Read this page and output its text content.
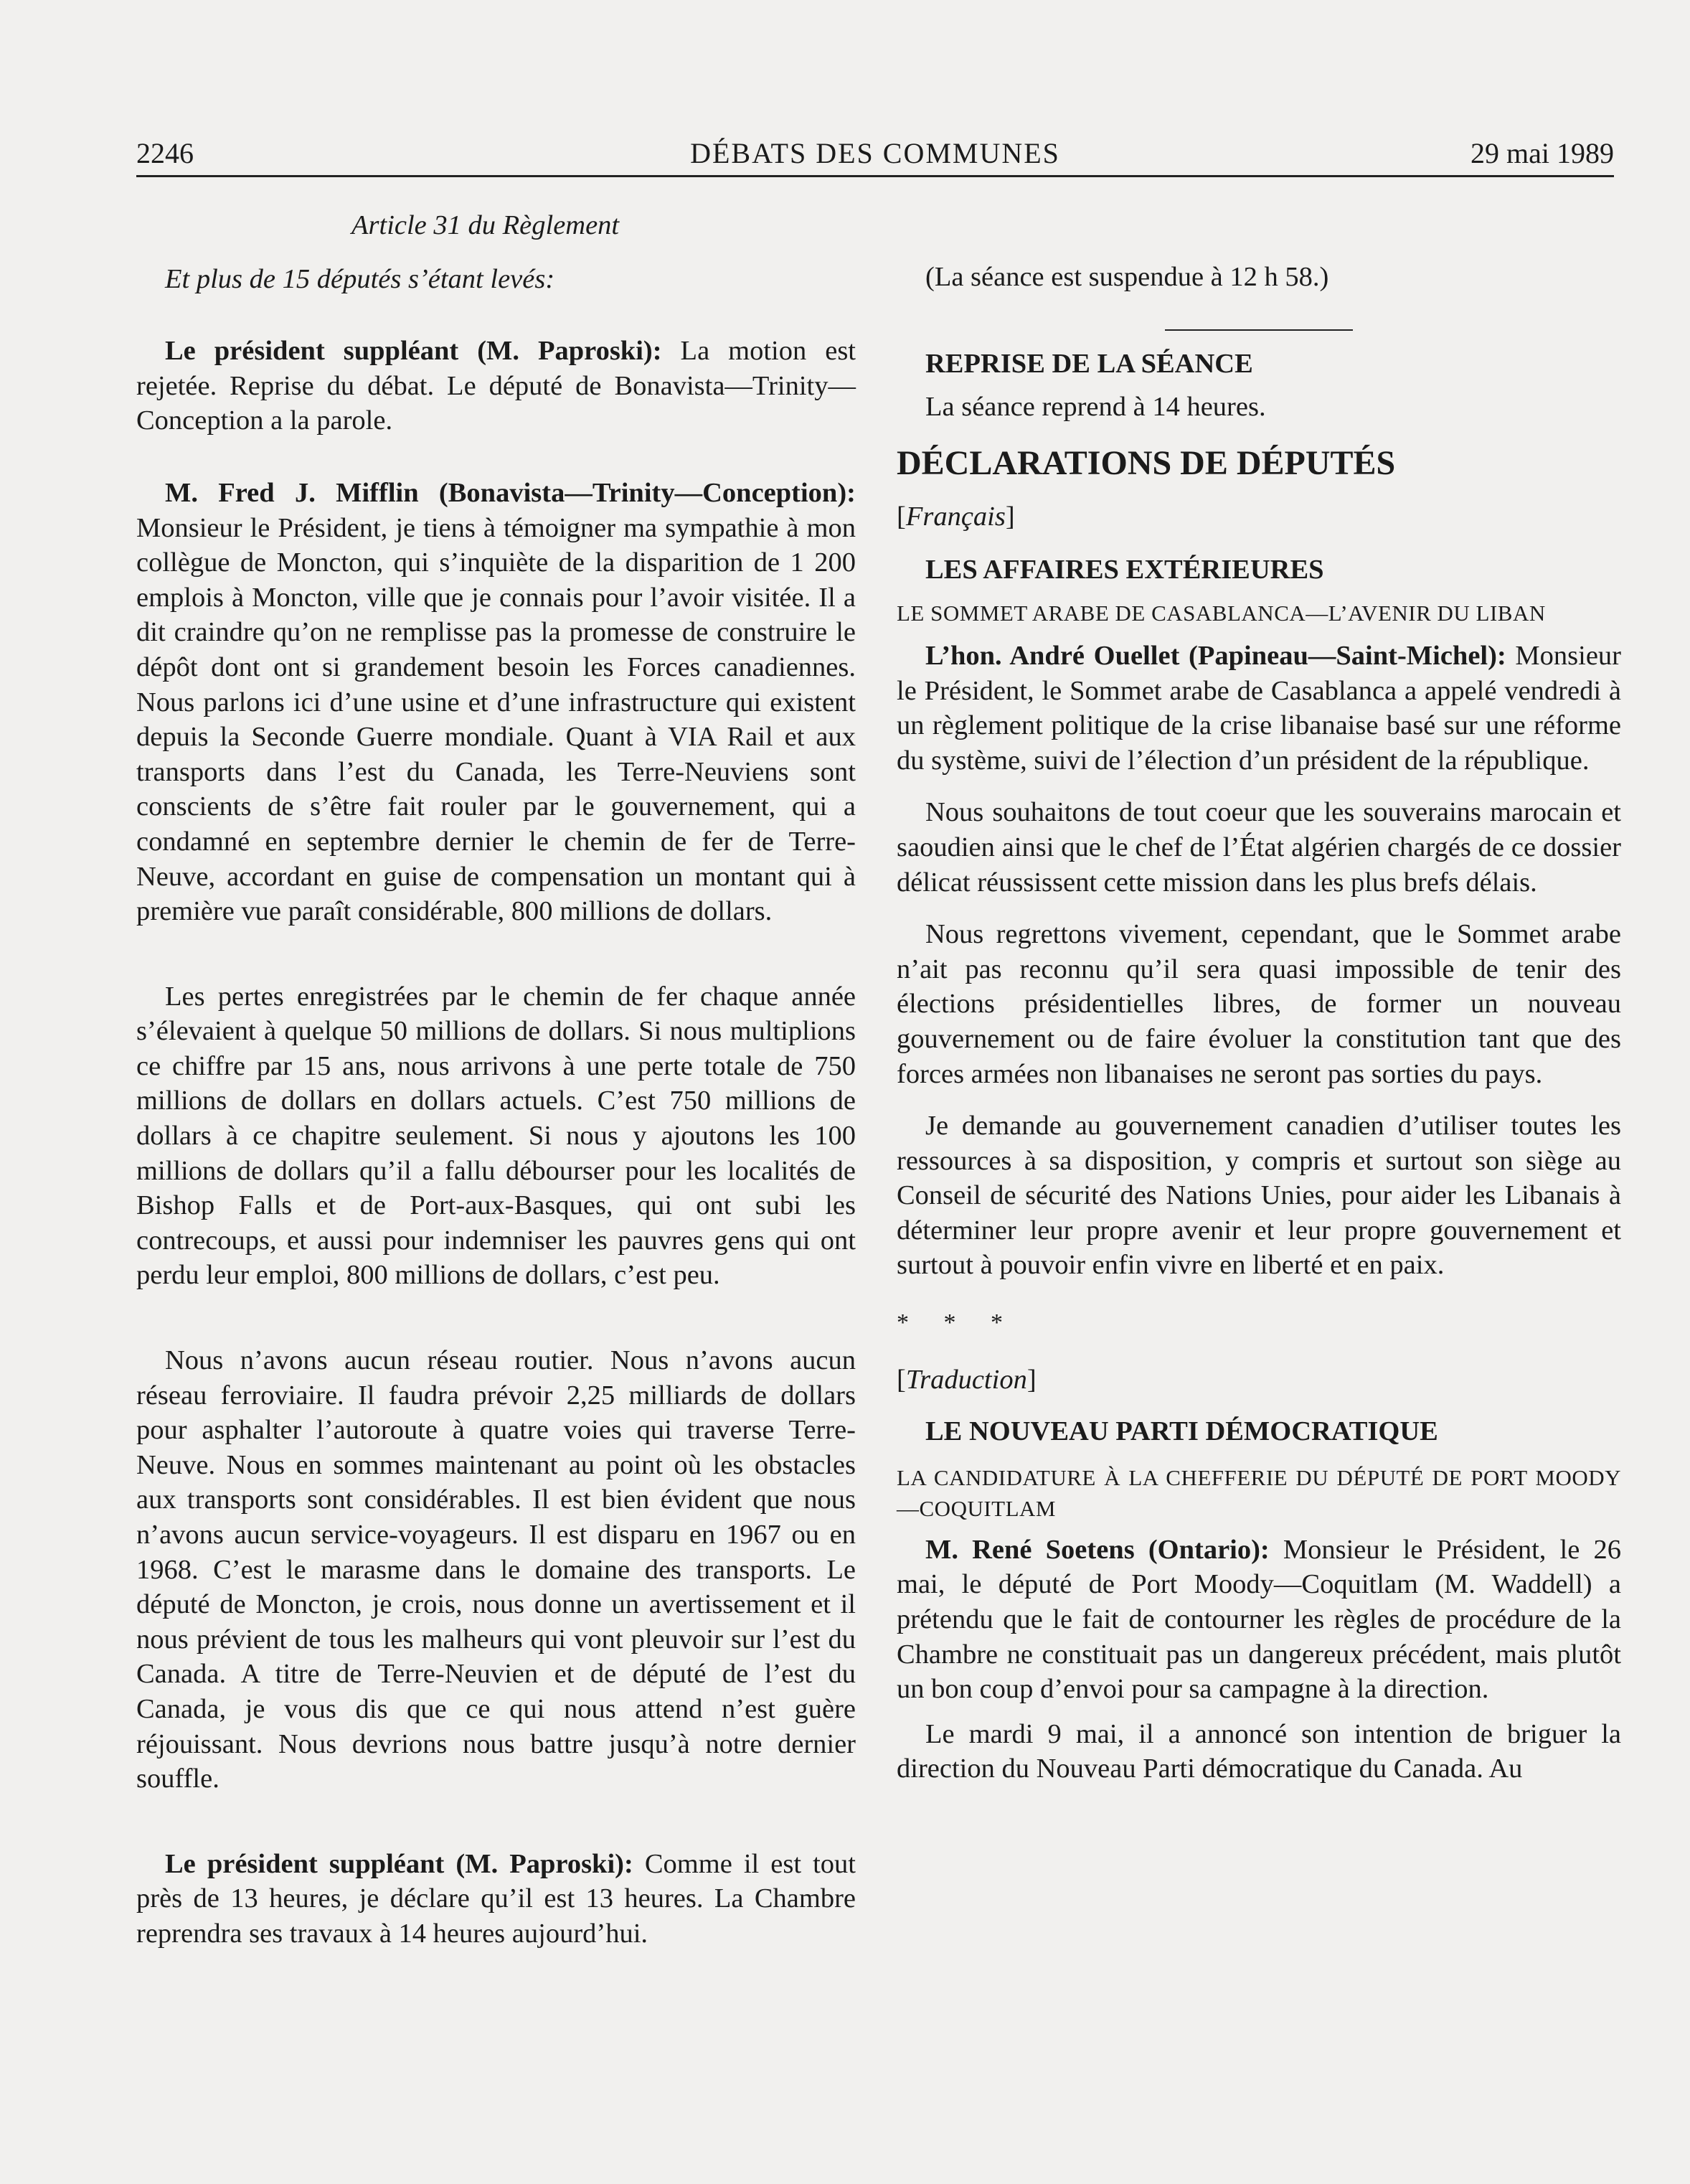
2246	DÉBATS DES COMMUNES	29 mai 1989

Article 31 du Règlement

Et plus de 15 députés s’étant levés:

Le président suppléant (M. Paproski): La motion est rejetée. Reprise du débat. Le député de Bonavista—Trinity—Conception a la parole.

M. Fred J. Mifflin (Bonavista—Trinity—Conception): Monsieur le Président, je tiens à témoigner ma sympathie à mon collègue de Moncton, qui s’inquiète de la disparition de 1 200 emplois à Moncton, ville que je connais pour l’avoir visitée. Il a dit craindre qu’on ne remplisse pas la promesse de construire le dépôt dont ont si grandement besoin les Forces canadiennes. Nous parlons ici d’une usine et d’une infrastructure qui existent depuis la Seconde Guerre mondiale. Quant à VIA Rail et aux transports dans l’est du Canada, les Terre-Neuviens sont conscients de s’être fait rouler par le gouvernement, qui a condamné en septembre dernier le chemin de fer de Terre-Neuve, accordant en guise de compensation un montant qui à première vue paraît considérable, 800 millions de dollars.

Les pertes enregistrées par le chemin de fer chaque année s’élevaient à quelque 50 millions de dollars. Si nous multiplions ce chiffre par 15 ans, nous arrivons à une perte totale de 750 millions de dollars en dollars actuels. C’est 750 millions de dollars à ce chapitre seulement. Si nous y ajoutons les 100 millions de dollars qu’il a fallu débourser pour les localités de Bishop Falls et de Port-aux-Basques, qui ont subi les contrecoups, et aussi pour indemniser les pauvres gens qui ont perdu leur emploi, 800 millions de dollars, c’est peu.

Nous n’avons aucun réseau routier. Nous n’avons aucun réseau ferroviaire. Il faudra prévoir 2,25 milliards de dollars pour asphalter l’autoroute à quatre voies qui traverse Terre-Neuve. Nous en sommes maintenant au point où les obstacles aux transports sont considérables. Il est bien évident que nous n’avons aucun service-voyageurs. Il est disparu en 1967 ou en 1968. C’est le marasme dans le domaine des transports. Le député de Moncton, je crois, nous donne un avertissement et il nous prévient de tous les malheurs qui vont pleuvoir sur l’est du Canada. A titre de Terre-Neuvien et de député de l’est du Canada, je vous dis que ce qui nous attend n’est guère réjouissant. Nous devrions nous battre jusqu’à notre dernier souffle.

Le président suppléant (M. Paproski): Comme il est tout près de 13 heures, je déclare qu’il est 13 heures. La Chambre reprendra ses travaux à 14 heures aujourd’hui.

(La séance est suspendue à 12 h 58.)

REPRISE DE LA SÉANCE

La séance reprend à 14 heures.

DÉCLARATIONS DE DÉPUTÉS

[Français]

LES AFFAIRES EXTÉRIEURES

LE SOMMET ARABE DE CASABLANCA—L’AVENIR DU LIBAN

L’hon. André Ouellet (Papineau—Saint-Michel): Monsieur le Président, le Sommet arabe de Casablanca a appelé vendredi à un règlement politique de la crise libanaise basé sur une réforme du système, suivi de l’élection d’un président de la république.

Nous souhaitons de tout coeur que les souverains marocain et saoudien ainsi que le chef de l’État algérien chargés de ce dossier délicat réussissent cette mission dans les plus brefs délais.

Nous regrettons vivement, cependant, que le Sommet arabe n’ait pas reconnu qu’il sera quasi impossible de tenir des élections présidentielles libres, de former un nouveau gouvernement ou de faire évoluer la constitution tant que des forces armées non libanaises ne seront pas sorties du pays.

Je demande au gouvernement canadien d’utiliser toutes les ressources à sa disposition, y compris et surtout son siège au Conseil de sécurité des Nations Unies, pour aider les Libanais à déterminer leur propre avenir et leur propre gouvernement et surtout à pouvoir enfin vivre en liberté et en paix.

* * *

[Traduction]

LE NOUVEAU PARTI DÉMOCRATIQUE

LA CANDIDATURE À LA CHEFFERIE DU DÉPUTÉ DE PORT MOODY—COQUITLAM

M. René Soetens (Ontario): Monsieur le Président, le 26 mai, le député de Port Moody—Coquitlam (M. Waddell) a prétendu que le fait de contourner les règles de procédure de la Chambre ne constituait pas un dangereux précédent, mais plutôt un bon coup d’envoi pour sa campagne à la direction.

Le mardi 9 mai, il a annoncé son intention de briguer la direction du Nouveau Parti démocratique du Canada. Au
